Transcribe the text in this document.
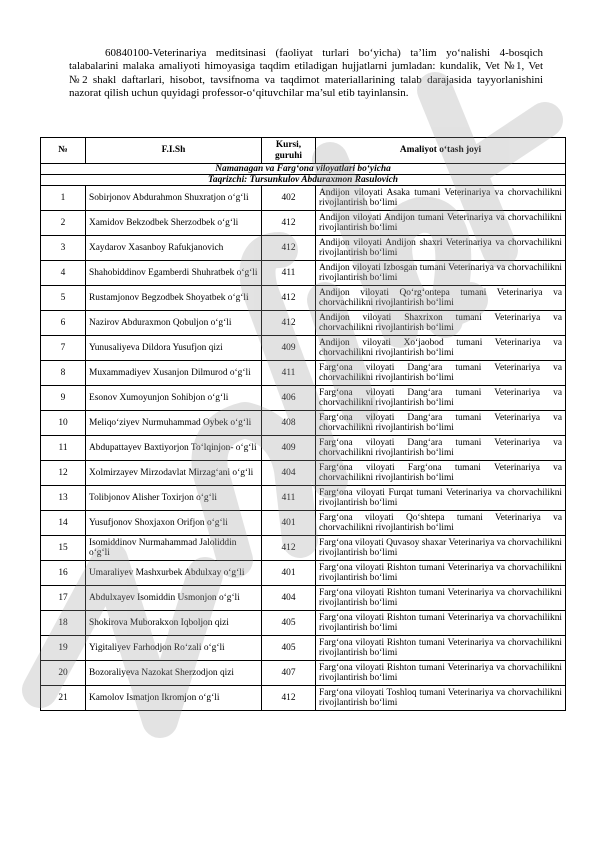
60840100-Veterinariya meditsinasi (faoliyat turlari bo‘yicha) ta’lim yo‘nalishi 4-bosqich talabalarini malaka amaliyoti himoyasiga taqdim etiladigan hujjatlarni jumladan: kundalik, Vet №1, Vet №2 shakl daftarlari, hisobot, tavsifnoma va taqdimot materiallarining talab darajasida tayyorlanishini nazorat qilish uchun quyidagi professor-o‘qituvchilar ma’sul etib tayinlansin.

№	F.I.Sh	Kursi, guruhi	Amaliyot o‘tash joyi
Namanagan va Farg‘ona viloyatlari bo‘yicha			
Taqrizchi: Tursunkulov Abduraxmon Rasulovich			
1	Sobirjonov Abdurahmon Shuxratjon o‘g‘li	402	Andijon viloyati Asaka tumani Veterinariya va chorvachilikni rivojlantirish bo‘limi
2	Xamidov Bekzodbek Sherzodbek o‘g‘li	412	Andijon viloyati Andijon tumani Veterinariya va chorvachilikni rivojlantirish bo‘limi
3	Xaydarov Xasanboy Rafukjanovich	412	Andijon viloyati Andijon shaxri Veterinariya va chorvachilikni rivojlantirish bo‘limi
4	Shahobiddinov Egamberdi Shuhratbek o‘g‘li	411	Andijon viloyati Izbosgan tumani Veterinariya va chorvachilikni rivojlantirish bo‘limi
5	Rustamjonov Begzodbek Shoyatbek o‘g‘li	412	Andijon viloyati Qo‘rg‘ontepa tumani Veterinariya va chorvachilikni rivojlantirish bo‘limi
6	Nazirov Abduraxmon Qobuljon o‘g‘li	412	Andijon viloyati Shaxrixon tumani Veterinariya va chorvachilikni rivojlantirish bo‘limi
7	Yunusaliyeva Dildora Yusufjon qizi	409	Andijon viloyati Xo‘jaobod tumani Veterinariya va chorvachilikni rivojlantirish bo‘limi
8	Muxammadiyev Xusanjon Dilmurod o‘g‘li	411	Farg‘ona viloyati Dang‘ara tumani Veterinariya va chorvachilikni rivojlantirish bo‘limi
9	Esonov Xumoyunjon Sohibjon o‘g‘li	406	Farg‘ona viloyati Dang‘ara tumani Veterinariya va chorvachilikni rivojlantirish bo‘limi
10	Meliqo‘ziyev Nurmuhammad Oybek o‘g‘li	408	Farg‘ona viloyati Dang‘ara tumani Veterinariya va chorvachilikni rivojlantirish bo‘limi
11	Abdupattayev Baxtiyorjon To‘lqinjon- o‘g‘li	409	Farg‘ona viloyati Dang‘ara tumani Veterinariya va chorvachilikni rivojlantirish bo‘limi
12	Xolmirzayev Mirzodavlat Mirzag‘ani o‘g‘li	404	Farg‘ona viloyati Farg‘ona tumani Veterinariya va chorvachilikni rivojlantirish bo‘limi
13	Tolibjonov Alisher Toxirjon o‘g‘li	411	Farg‘ona viloyati Furqat tumani Veterinariya va chorvachilikni rivojlantirish bo‘limi
14	Yusufjonov Shoxjaxon Orifjon o‘g‘li	401	Farg‘ona viloyati Qo‘shtepa tumani Veterinariya va chorvachilikni rivojlantirish bo‘limi
15	Isomiddinov Nurmahammad Jaloliddin o‘g‘li	412	Farg‘ona viloyati Quvasoy shaxar Veterinariya va chorvachilikni rivojlantirish bo‘limi
16	Umaraliyev Mashxurbek Abdulxay o‘g‘li	401	Farg‘ona viloyati Rishton tumani Veterinariya va chorvachilikni rivojlantirish bo‘limi
17	Abdulxayev Isomiddin Usmonjon o‘g‘li	404	Farg‘ona viloyati Rishton tumani Veterinariya va chorvachilikni rivojlantirish bo‘limi
18	Shokirova Muborakxon Iqboljon qizi	405	Farg‘ona viloyati Rishton tumani Veterinariya va chorvachilikni rivojlantirish bo‘limi
19	Yigitaliyev Farhodjon Ro‘zali o‘g‘li	405	Farg‘ona viloyati Rishton tumani Veterinariya va chorvachilikni rivojlantirish bo‘limi
20	Bozoraliyeva Nazokat Sherzodjon qizi	407	Farg‘ona viloyati Rishton tumani Veterinariya va chorvachilikni rivojlantirish bo‘limi
21	Kamolov Ismatjon Ikromjon o‘g‘li	412	Farg‘ona viloyati Toshloq tumani Veterinariya va chorvachilikni rivojlantirish bo‘limi
